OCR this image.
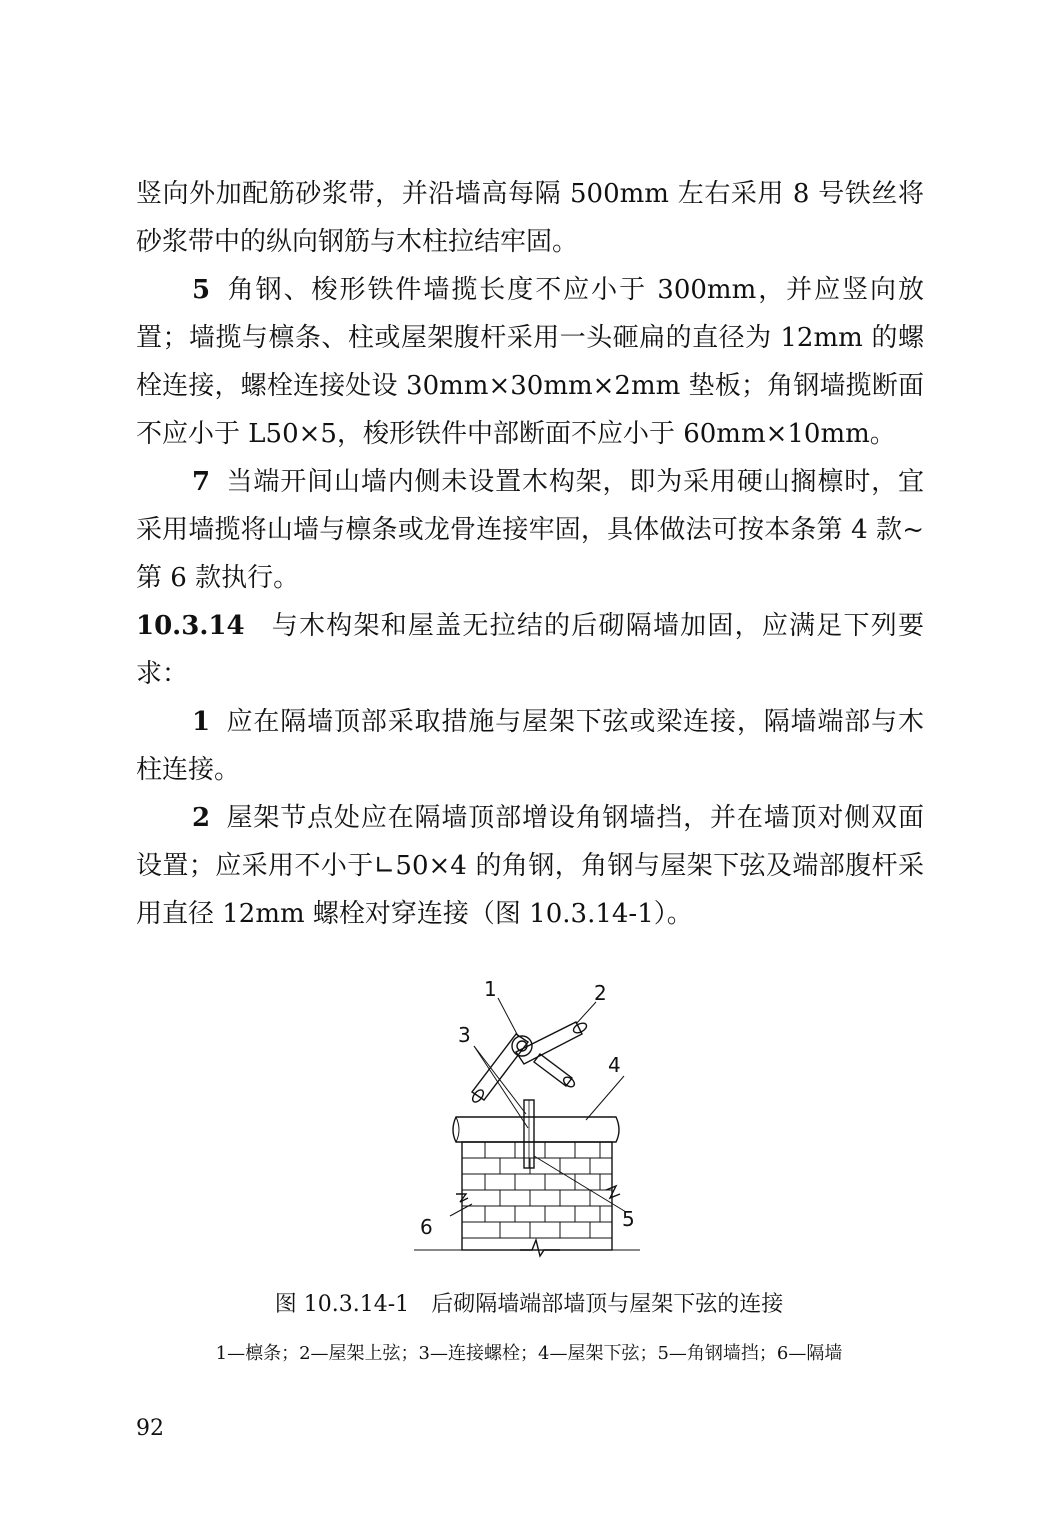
竖向外加配筋砂浆带，并沿墙高每隔 500mm 左右采用 8 号铁丝将砂浆带中的纵向钢筋与木柱拉结牢固。

5 角钢、梭形铁件墙揽长度不应小于 300mm，并应竖向放置；墙揽与檩条、柱或屋架腹杆采用一头砸扁的直径为 12mm 的螺栓连接，螺栓连接处设 30mm×30mm×2mm 垫板；角钢墙揽断面不应小于 L50×5，梭形铁件中部断面不应小于 60mm×10mm。

7 当端开间山墙内侧未设置木构架，即为采用硬山搁檩时，宜采用墙揽将山墙与檩条或龙骨连接牢固，具体做法可按本条第 4 款~第 6 款执行。

10.3.14 与木构架和屋盖无拉结的后砌隔墙加固，应满足下列要求：

1 应在隔墙顶部采取措施与屋架下弦或梁连接，隔墙端部与木柱连接。

2 屋架节点处应在隔墙顶部增设角钢墙挡，并在墙顶对侧双面设置；应采用不小于∟50×4 的角钢，角钢与屋架下弦及端部腹杆采用直径 12mm 螺栓对穿连接（图 10.3.14-1）。

1	2
3
4
5
6
图 10.3.14-1 后砌隔墙端部墙顶与屋架下弦的连接
1—檩条；2—屋架上弦；3—连接螺栓；4—屋架下弦；5—角钢墙挡；6—隔墙
92
